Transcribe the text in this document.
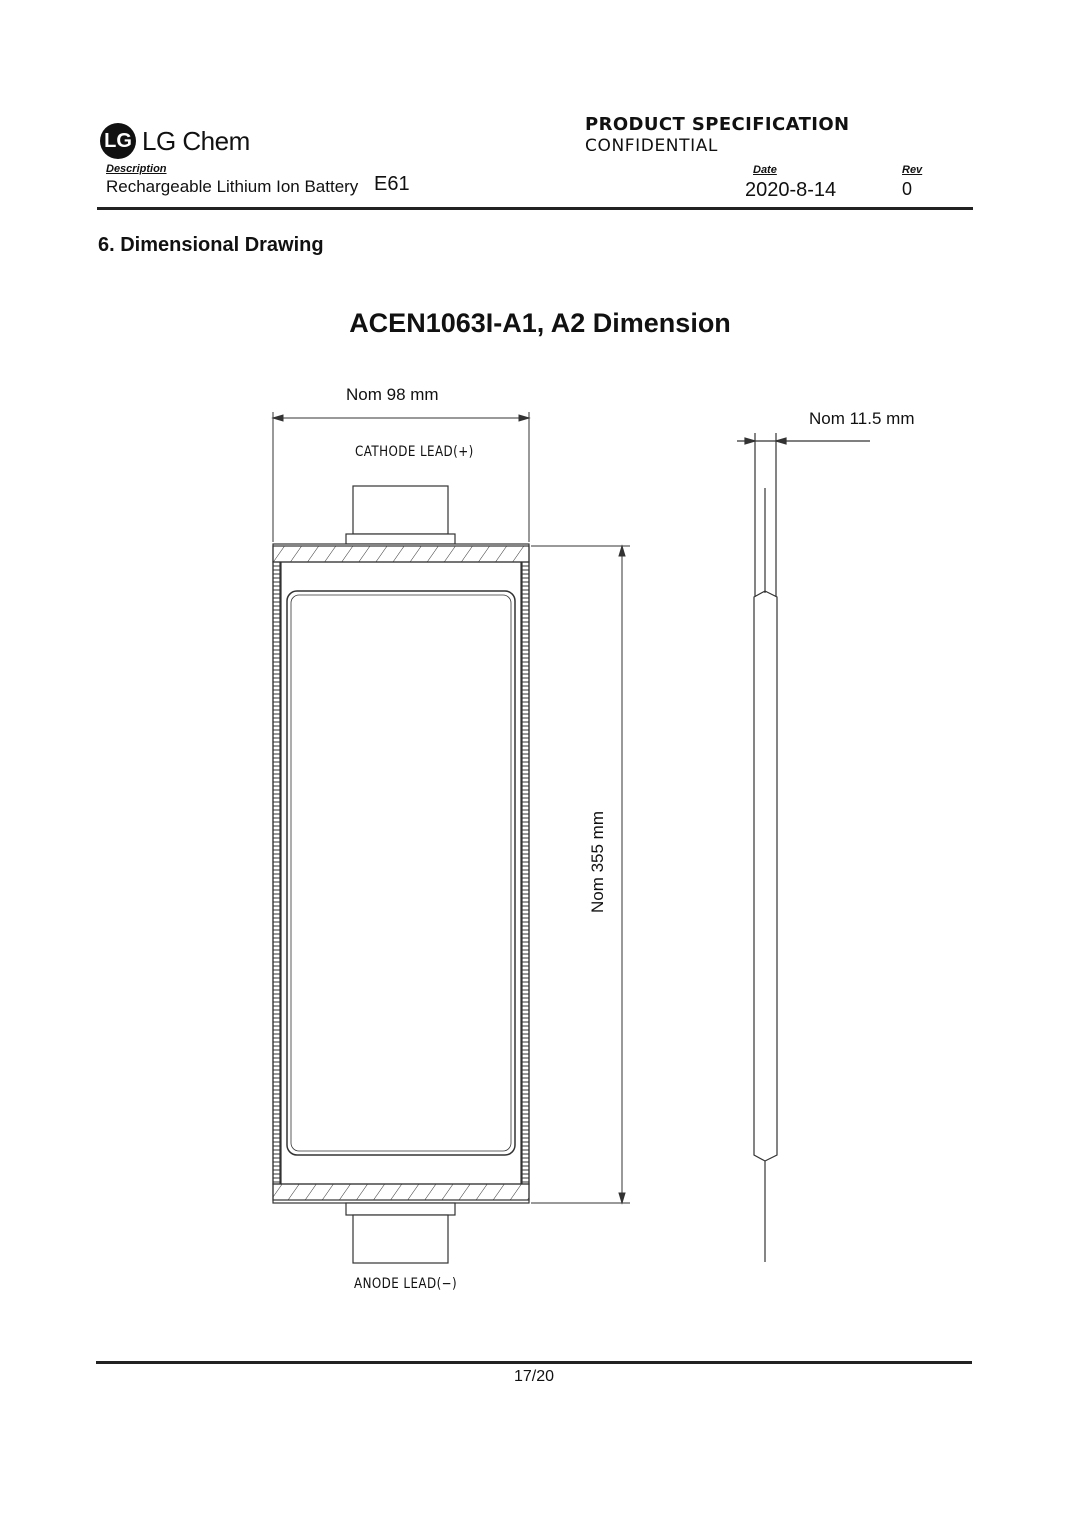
LG LG Chem
Description
Rechargeable Lithium Ion Battery E61
PRODUCT SPECIFICATION
CONFIDENTIAL
Date
2020-8-14
Rev
0
6. Dimensional Drawing
ACEN1063I-A1, A2 Dimension
Nom 98 mm
Nom 11.5 mm
CATHODE LEAD(+)
ANODE LEAD(−)
Nom 355 mm
17/20
